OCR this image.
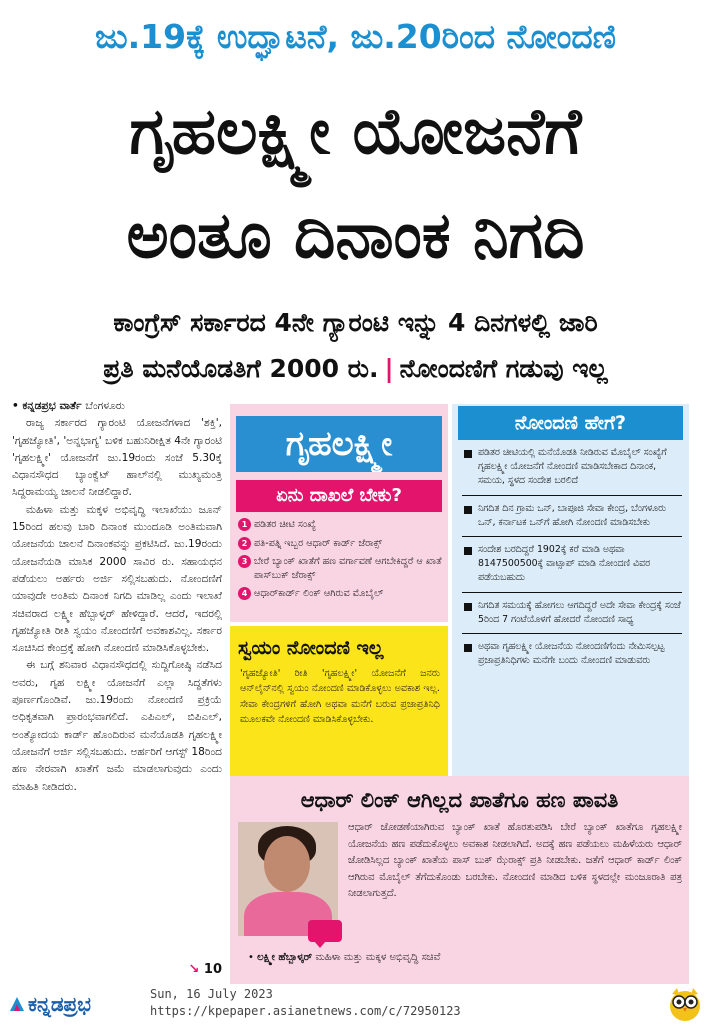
ಜು.19ಕ್ಕೆ ಉದ್ಘಾಟನೆ, ಜು.20ರಿಂದ ನೋಂದಣಿ
ಗೃಹಲಕ್ಷ್ಮೀ ಯೋಜನೆಗೆ
ಅಂತೂ ದಿನಾಂಕ ನಿಗದಿ
ಕಾಂಗ್ರೆಸ್ ಸರ್ಕಾರದ 4ನೇ ಗ್ಯಾರಂಟಿ ಇನ್ನು 4 ದಿನಗಳಲ್ಲಿ ಜಾರಿ
ಪ್ರತಿ ಮನೆಯೊಡತಿಗೆ 2000 ರು. | ನೋಂದಣಿಗೆ ಗಡುವು ಇಲ್ಲ
• ಕನ್ನಡಪ್ರಭ ವಾರ್ತೆ ಬೆಂಗಳೂರು

ರಾಜ್ಯ ಸರ್ಕಾರದ ಗ್ಯಾರಂಟಿ ಯೋಜನೆಗಳಾದ 'ಶಕ್ತಿ', 'ಗೃಹಜ್ಯೋತಿ', 'ಅನ್ನಭಾಗ್ಯ' ಬಳಿಕ ಬಹುನಿರೀಕ್ಷಿತ 4ನೇ ಗ್ಯಾರಂಟಿ 'ಗೃಹಲಕ್ಷ್ಮೀ' ಯೋಜನೆಗೆ ಜು.19ರಂದು ಸಂಜೆ 5.30ಕ್ಕೆ ವಿಧಾನಸೌಧದ ಬ್ಯಾಂಕ್ವೆಟ್ ಹಾಲ್‌ನಲ್ಲಿ ಮುಖ್ಯಮಂತ್ರಿ ಸಿದ್ದರಾಮಯ್ಯ ಚಾಲನೆ ನೀಡಲಿದ್ದಾರೆ.

ಮಹಿಳಾ ಮತ್ತು ಮಕ್ಕಳ ಅಭಿವೃದ್ಧಿ ಇಲಾಖೆಯು ಜೂನ್ 15ರಿಂದ ಹಲವು ಬಾರಿ ದಿನಾಂಕ ಮುಂದೂಡಿ ಅಂತಿಮವಾಗಿ ಯೋಜನೆಯ ಚಾಲನೆ ದಿನಾಂಕವನ್ನು ಪ್ರಕಟಿಸಿದೆ. ಜು.19ರಂದು ಯೋಜನೆಯಡಿ ಮಾಸಿಕ 2000 ಸಾವಿರ ರು. ಸಹಾಯಧನ ಪಡೆಯಲು ಅರ್ಹರು ಅರ್ಜಿ ಸಲ್ಲಿಸಬಹುದು. ನೋಂದಣಿಗೆ ಯಾವುದೇ ಅಂತಿಮ ದಿನಾಂಕ ನಿಗದಿ ಮಾಡಿಲ್ಲ ಎಂದು ಇಲಾಖೆ ಸಚಿವರಾದ ಲಕ್ಷ್ಮೀ ಹೆಬ್ಬಾಳ್ಕರ್ ಹೇಳಿದ್ದಾರೆ. ಆದರೆ, ಇದರಲ್ಲಿ ಗೃಹಜ್ಯೋತಿ ರೀತಿ ಸ್ವಯಂ ನೋಂದಣಿಗೆ ಅವಕಾಶವಿಲ್ಲ. ಸರ್ಕಾರ ಸೂಚಿಸಿದ ಕೇಂದ್ರಕ್ಕೆ ಹೋಗಿ ನೋಂದಣಿ ಮಾಡಿಸಿಕೊಳ್ಳಬೇಕು.

ಈ ಬಗ್ಗೆ ಶನಿವಾರ ವಿಧಾನಸೌಧದಲ್ಲಿ ಸುದ್ದಿಗೋಷ್ಠಿ ನಡೆಸಿದ ಅವರು, ಗೃಹ ಲಕ್ಷ್ಮೀ ಯೋಜನೆಗೆ ಎಲ್ಲಾ ಸಿದ್ಧತೆಗಳು ಪೂರ್ಣಗೊಂಡಿವೆ. ಜು.19ರಂದು ನೋಂದಣಿ ಪ್ರಕ್ರಿಯೆ ಅಧಿಕೃತವಾಗಿ ಪ್ರಾರಂಭವಾಗಲಿದೆ. ಎಪಿಎಲ್, ಬಿಪಿಎಲ್, ಅಂತ್ಯೋದಯ ಕಾರ್ಡ್ ಹೊಂದಿರುವ ಮನೆಯೊಡತಿ ಗೃಹಲಕ್ಷ್ಮೀ ಯೋಜನೆಗೆ ಅರ್ಜಿ ಸಲ್ಲಿಸಬಹುದು. ಅರ್ಹರಿಗೆ ಆಗಸ್ಟ್ 18ರಿಂದ ಹಣ ನೇರವಾಗಿ ಖಾತೆಗೆ ಜಮೆ ಮಾಡಲಾಗುವುದು ಎಂದು ಮಾಹಿತಿ ನೀಡಿದರು.

↘ 10
ಗೃಹಲಕ್ಷ್ಮೀ
ಏನು ದಾಖಲೆ ಬೇಕು?
1 ಪಡಿತರ ಚೀಟಿ ಸಂಖ್ಯೆ
2 ಪತಿ-ಪತ್ನಿ ಇಬ್ಬರ ಆಧಾರ್ ಕಾರ್ಡ್ ಜೆರಾಕ್ಸ್
3 ಬೇರೆ ಬ್ಯಾಂಕ್ ಖಾತೆಗೆ ಹಣ ವರ್ಗಾವಣೆ ಆಗಬೇಕಿದ್ದರೆ ಆ ಖಾತೆ ಪಾಸ್‌ಬುಕ್ ಜೆರಾಕ್ಸ್
4 ಆಧಾರ್‌ಕಾರ್ಡ್ ಲಿಂಕ್ ಆಗಿರುವ ಮೊಬೈಲ್
ಸ್ವಯಂ ನೋಂದಣಿ ಇಲ್ಲ
'ಗೃಹಜ್ಯೋತಿ' ರೀತಿ 'ಗೃಹಲಕ್ಷ್ಮೀ' ಯೋಜನೆಗೆ ಜನರು ಆನ್‌ಲೈನ್‌ನಲ್ಲಿ ಸ್ವಯಂ ನೋಂದಣಿ ಮಾಡಿಕೊಳ್ಳಲು ಅವಕಾಶ ಇಲ್ಲ. ಸೇವಾ ಕೇಂದ್ರಗಳಿಗೆ ಹೋಗಿ ಅಥವಾ ಮನೆಗೆ ಬರುವ ಪ್ರಜಾಪ್ರತಿನಿಧಿ ಮೂಲಕವೇ ನೋಂದಣಿ ಮಾಡಿಸಿಕೊಳ್ಳಬೇಕು.
ನೋಂದಣಿ ಹೇಗೆ?
ಪಡಿತರ ಚೀಟಿಯಲ್ಲಿ ಮನೆಯೊಡತಿ ನೀಡಿರುವ ಮೊಬೈಲ್ ಸಂಖ್ಯೆಗೆ ಗೃಹಲಕ್ಷ್ಮೀ ಯೋಜನೆಗೆ ನೋಂದಣಿ ಮಾಡಿಸಬೇಕಾದ ದಿನಾಂಕ, ಸಮಯ, ಸ್ಥಳದ ಸಂದೇಶ ಬರಲಿದೆ
ನಿಗದಿತ ದಿನ ಗ್ರಾಮ ಒನ್, ಬಾಪೂಜಿ ಸೇವಾ ಕೇಂದ್ರ, ಬೆಂಗಳೂರು ಒನ್, ಕರ್ನಾಟಕ ಒನ್‌ಗೆ ಹೋಗಿ ನೋಂದಣಿ ಮಾಡಿಸಬೇಕು
ಸಂದೇಶ ಬರದಿದ್ದರೆ 1902ಕ್ಕೆ ಕರೆ ಮಾಡಿ ಅಥವಾ 8147500500ಕ್ಕೆ ವಾಟ್ಸಾಪ್ ಮಾಡಿ ನೋಂದಣಿ ವಿವರ ಪಡೆಯಬಹುದು
ನಿಗದಿತ ಸಮಯಕ್ಕೆ ಹೋಗಲು ಆಗದಿದ್ದರೆ ಅದೇ ಸೇವಾ ಕೇಂದ್ರಕ್ಕೆ ಸಂಜೆ 5ರಿಂದ 7 ಗಂಟೆಯೊಳಗೆ ಹೋದರೆ ನೋಂದಣಿ ಸಾಧ್ಯ
ಅಥವಾ ಗೃಹಲಕ್ಷ್ಮೀ ಯೋಜನೆಯ ನೋಂದಣಿಗೆಂದು ನೇಮಿಸಲ್ಪಟ್ಟ ಪ್ರಜಾಪ್ರತಿನಿಧಿಗಳು ಮನೆಗೇ ಬಂದು ನೋಂದಣಿ ಮಾಡುವರು
ಆಧಾರ್ ಲಿಂಕ್ ಆಗಿಲ್ಲದ ಖಾತೆಗೂ ಹಣ ಪಾವತಿ
ಆಧಾರ್ ಜೋಡಣೆಯಾಗಿರುವ ಬ್ಯಾಂಕ್ ಖಾತೆ ಹೊರತುಪಡಿಸಿ ಬೇರೆ ಬ್ಯಾಂಕ್ ಖಾತೆಗೂ ಗೃಹಲಕ್ಷ್ಮೀ ಯೋಜನೆಯ ಹಣ ಪಡೆದುಕೊಳ್ಳಲು ಅವಕಾಶ ನೀಡಲಾಗಿದೆ. ಅದಕ್ಕೆ ಹಣ ಪಡೆಯಲು ಮಹಿಳೆಯರು ಆಧಾರ್ ಜೋಡಿಸಿಲ್ಲದ ಬ್ಯಾಂಕ್ ಖಾತೆಯ ಪಾಸ್ ಬುಕ್ ಝೆರಾಕ್ಸ್ ಪ್ರತಿ ನೀಡಬೇಕು. ಜತೆಗೆ ಆಧಾರ್ ಕಾರ್ಡ್ ಲಿಂಕ್ ಆಗಿರುವ ಮೊಬೈಲ್ ತೆಗೆದುಕೊಂಡು ಬರಬೇಕು. ನೋಂದಣಿ ಮಾಡಿದ ಬಳಿಕ ಸ್ಥಳದಲ್ಲೇ ಮಂಜೂರಾತಿ ಪತ್ರ ನೀಡಲಾಗುತ್ತದೆ.
• ಲಕ್ಷ್ಮೀ ಹೆಬ್ಬಾಳ್ಕರ್ ಮಹಿಳಾ ಮತ್ತು ಮಕ್ಕಳ ಅಭಿವೃದ್ಧಿ ಸಚಿವೆ
ಕನ್ನಡಪ್ರಭ	Sun, 16 July 2023
https://kpepaper.asianetnews.com/c/72950123
